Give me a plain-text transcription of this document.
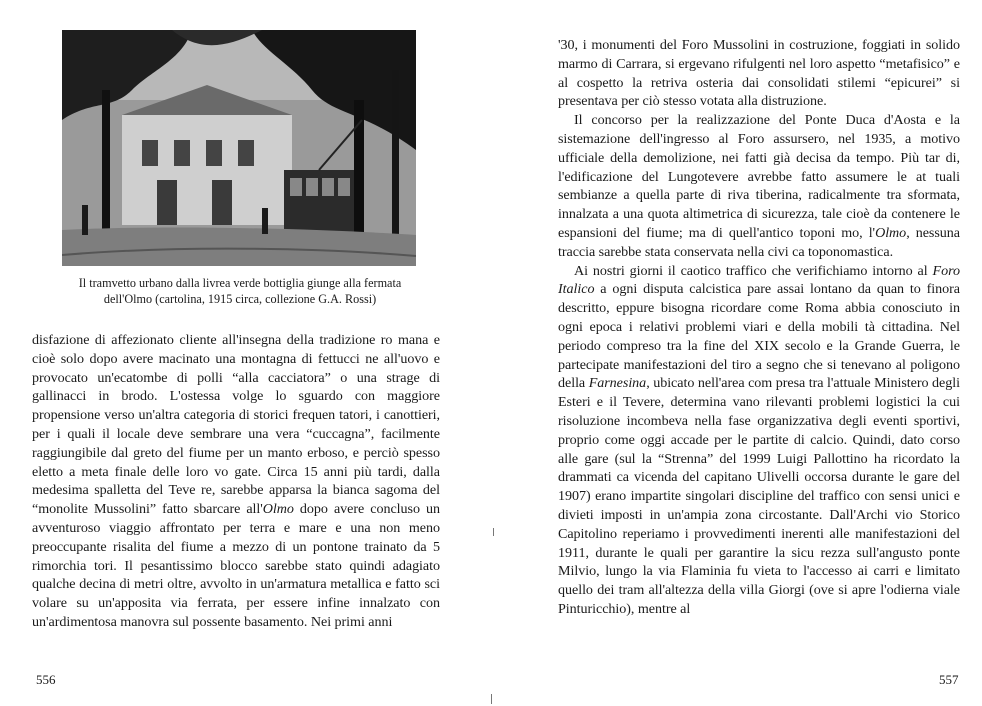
Il tramvetto urbano dalla livrea verde bottiglia giunge alla fermata

dell'Olmo (cartolina, 1915 circa, collezione G.A. Rossi)

disfazione di affezionato cliente all'insegna della tradizione ro mana e cioè solo dopo avere macinato una montagna di fettucci ne all'uovo e provocato un'ecatombe di polli “alla cacciatora” o una strage di gallinacci in brodo. L'ostessa volge lo sguardo con maggiore propensione verso un'altra categoria di storici frequen tatori, i canottieri, per i quali il locale deve sembrare una vera “cuccagna”, facilmente raggiungibile dal greto del fiume per un manto erboso, e perciò spesso eletto a meta finale delle loro vo gate. Circa 15 anni più tardi, dalla medesima spalletta del Teve re, sarebbe apparsa la bianca sagoma del “monolite Mussolini” fatto sbarcare all'Olmo dopo avere concluso un avventuroso viaggio affrontato per terra e mare e una non meno preoccupante risalita del fiume a mezzo di un pontone trainato da 5 rimorchia tori. Il pesantissimo blocco sarebbe stato quindi adagiato qualche decina di metri oltre, avvolto in un'armatura metallica e fatto sci volare su un'apposita via ferrata, per essere infine innalzato con un'ardimentosa manovra sul possente basamento. Nei primi anni

556

'30, i monumenti del Foro Mussolini in costruzione, foggiati in solido marmo di Carrara, si ergevano rifulgenti nel loro aspetto “metafisico” e al cospetto la retriva osteria dai consolidati stilemi “epicurei” si presentava per ciò stesso votata alla distruzione.

Il concorso per la realizzazione del Ponte Duca d'Aosta e la sistemazione dell'ingresso al Foro assursero, nel 1935, a motivo ufficiale della demolizione, nei fatti già decisa da tempo. Più tar di, l'edificazione del Lungotevere avrebbe fatto assumere le at tuali sembianze a quella parte di riva tiberina, radicalmente tra sformata, innalzata a una quota altimetrica di sicurezza, tale cioè da contenere le espansioni del fiume; ma di quell'antico toponi mo, l'Olmo, nessuna traccia sarebbe stata conservata nella civi ca toponomastica.

Ai nostri giorni il caotico traffico che verifichiamo intorno al Foro Italico a ogni disputa calcistica pare assai lontano da quan to finora descritto, eppure bisogna ricordare come Roma abbia conosciuto in ogni epoca i relativi problemi viari e della mobili tà cittadina. Nel periodo compreso tra la fine del XIX secolo e la Grande Guerra, le partecipate manifestazioni del tiro a segno che si tenevano al poligono della Farnesina, ubicato nell'area com presa tra l'attuale Ministero degli Esteri e il Tevere, determina vano rilevanti problemi logistici la cui risoluzione incombeva nella fase organizzativa degli eventi sportivi, proprio come oggi accade per le partite di calcio. Quindi, dato corso alle gare (sul la “Strenna” del 1999 Luigi Pallottino ha ricordato la drammati ca vicenda del capitano Ulivelli occorsa durante le gare del 1907) erano impartite singolari discipline del traffico con sensi unici e divieti imposti in un'ampia zona circostante. Dall'Archi vio Storico Capitolino reperiamo i provvedimenti inerenti alle manifestazioni del 1911, durante le quali per garantire la sicu rezza sull'angusto ponte Milvio, lungo la via Flaminia fu vieta to l'accesso ai carri e limitato quello dei tram all'altezza della villa Giorgi (ove si apre l'odierna viale Pinturicchio), mentre al

557
